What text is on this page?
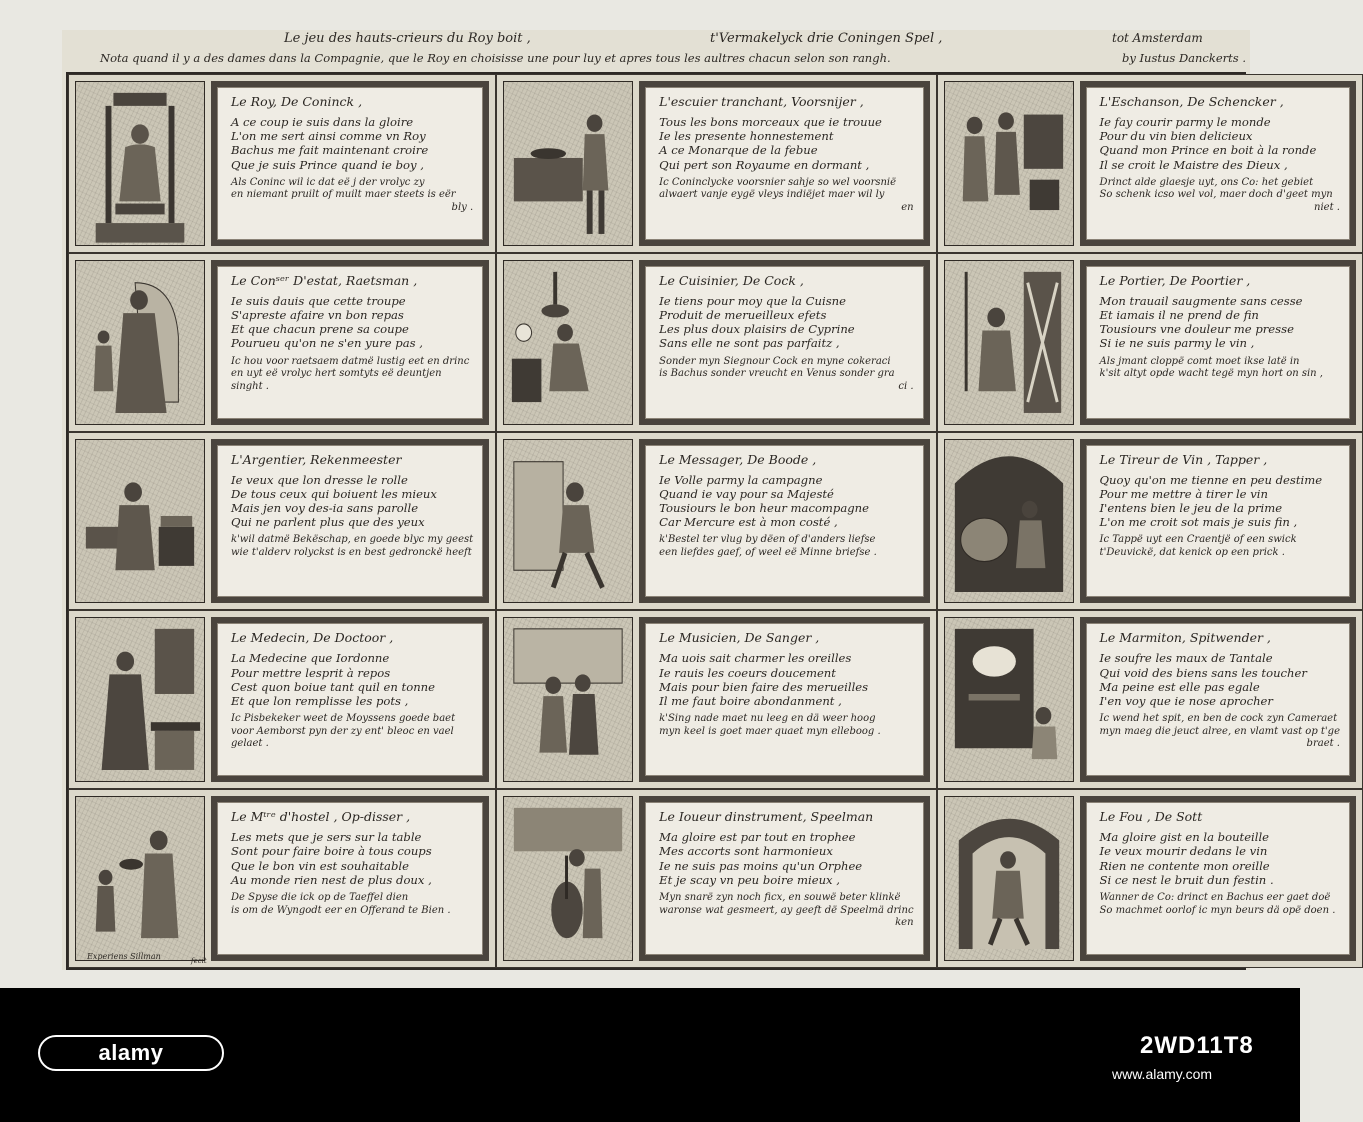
Le jeu des hauts-crieurs du Roy boit ,	t'Vermakelyck drie Coningen Spel ,	tot Amsterdam
Nota quand il y a des dames dans la Compagnie, que le Roy en choisisse une pour luy et apres tous les aultres chacun selon son rangh.	by Iustus Danckerts .
Le Roy, De Coninck ,
A ce coup ie suis dans la gloire
L'on me sert ainsi comme vn Roy
Bachus me fait maintenant croire
Que je suis Prince quand ie boy ,
Als Coninc wil ic dat eë j der vrolyc zy
en niemant pruilt of muilt maer steets is eër
bly .
L'escuier tranchant, Voorsnijer ,
Tous les bons morceaux que ie trouue
Ie les presente honnestement
A ce Monarque de la febue
Qui pert son Royaume en dormant ,
Ic Coninclycke voorsnier sahje so wel voorsnië
alwaert vanje eygë vleys indiëjet maer wil ly
en
L'Eschanson, De Schencker ,
Ie fay courir parmy le monde
Pour du vin bien delicieux
Quand mon Prince en boit à la ronde
Il se croit le Maistre des Dieux ,
Drinct alde glaesje uyt, ons Co: het gebiet
So schenk icso wel vol, maer doch d'geet myn
niet .
Le Conˢᵉʳ D'estat, Raetsman ,
Ie suis dauis que cette troupe
S'apreste afaire vn bon repas
Et que chacun prene sa coupe
Pourueu qu'on ne s'en yure pas ,
Ic hou voor raetsaem datmë lustig eet en drinc
en uyt eë vrolyc hert somtyts eë deuntjen
singht .
Le Cuisinier, De Cock ,
Ie tiens pour moy que la Cuisne
Produit de merueilleux efets
Les plus doux plaisirs de Cyprine
Sans elle ne sont pas parfaitz ,
Sonder myn Siegnour Cock en myne cokeraci
is Bachus sonder vreucht en Venus sonder gra
ci .
Le Portier, De Poortier ,
Mon trauail saugmente sans cesse
Et iamais il ne prend de fin
Tousiours vne douleur me presse
Si ie ne suis parmy le vin ,
Als jmant cloppë comt moet ikse latë in
k'sit altyt opde wacht tegë myn hort on sin ,
L'Argentier, Rekenmeester
Ie veux que lon dresse le rolle
De tous ceux qui boiuent les mieux
Mais jen voy des-ia sans parolle
Qui ne parlent plus que des yeux
k'wil datmë Bekëschap, en goede blyc my geest
wie t'alderv rolyckst is en best gedronckë heeft
Le Messager, De Boode ,
Ie Volle parmy la campagne
Quand ie vay pour sa Majesté
Tousiours le bon heur macompagne
Car Mercure est à mon costé ,
k'Bestel ter vlug by dëen of d'anders liefse
een liefdes gaef, of weel eë Minne briefse .
Le Tireur de Vin , Tapper ,
Quoy qu'on me tienne en peu destime
Pour me mettre à tirer le vin
I'entens bien le jeu de la prime
L'on me croit sot mais je suis fin ,
Ic Tappë uyt een Craentjë of een swick
t'Deuvickë, dat kenick op een prick .
Le Medecin, De Doctoor ,
La Medecine que Iordonne
Pour mettre lesprit à repos
Cest quon boiue tant quil en tonne
Et que lon remplisse les pots ,
Ic Pisbekeker weet de Moyssens goede baet
voor Aemborst pyn der zy ent' bleoc en vael
gelaet .
Le Musicien, De Sanger ,
Ma uois sait charmer les oreilles
Ie rauis les coeurs doucement
Mais pour bien faire des merueilles
Il me faut boire abondanment ,
k'Sing nade maet nu leeg en dä weer hoog
myn keel is goet maer quaet myn elleboog .
Le Marmiton, Spitwender ,
Ie soufre les maux de Tantale
Qui void des biens sans les toucher
Ma peine est elle pas egale
I'en voy que ie nose aprocher
Ic wend het spit, en ben de cock zyn Cameraet
myn maeg die jeuct alree, en vlamt vast op t'ge
braet .
Le Mᵗʳᵉ d'hostel , Op-disser ,
Les mets que je sers sur la table
Sont pour faire boire à tous coups
Que le bon vin est souhaitable
Au monde rien nest de plus doux ,
De Spyse die ick op de Taeffel dien
is om de Wyngodt eer en Offerand te Bien .
Experiens Sillman	fecit
Le Ioueur dinstrument, Speelman
Ma gloire est par tout en trophee
Mes accorts sont harmonieux
Ie ne suis pas moins qu'un Orphee
Et je scay vn peu boire mieux ,
Myn snarë zyn noch ficx, en souwë beter klinkë
waronse wat gesmeert, ay geeft dë Speelmä drinc
ken
Le Fou , De Sott
Ma gloire gist en la bouteille
Ie veux mourir dedans le vin
Rien ne contente mon oreille
Si ce nest le bruit dun festin .
Wanner de Co: drinct en Bachus eer gaet doë
So machmet oorlof ic myn beurs dä opë doen .
alamy	2WD11T8
www.alamy.com
